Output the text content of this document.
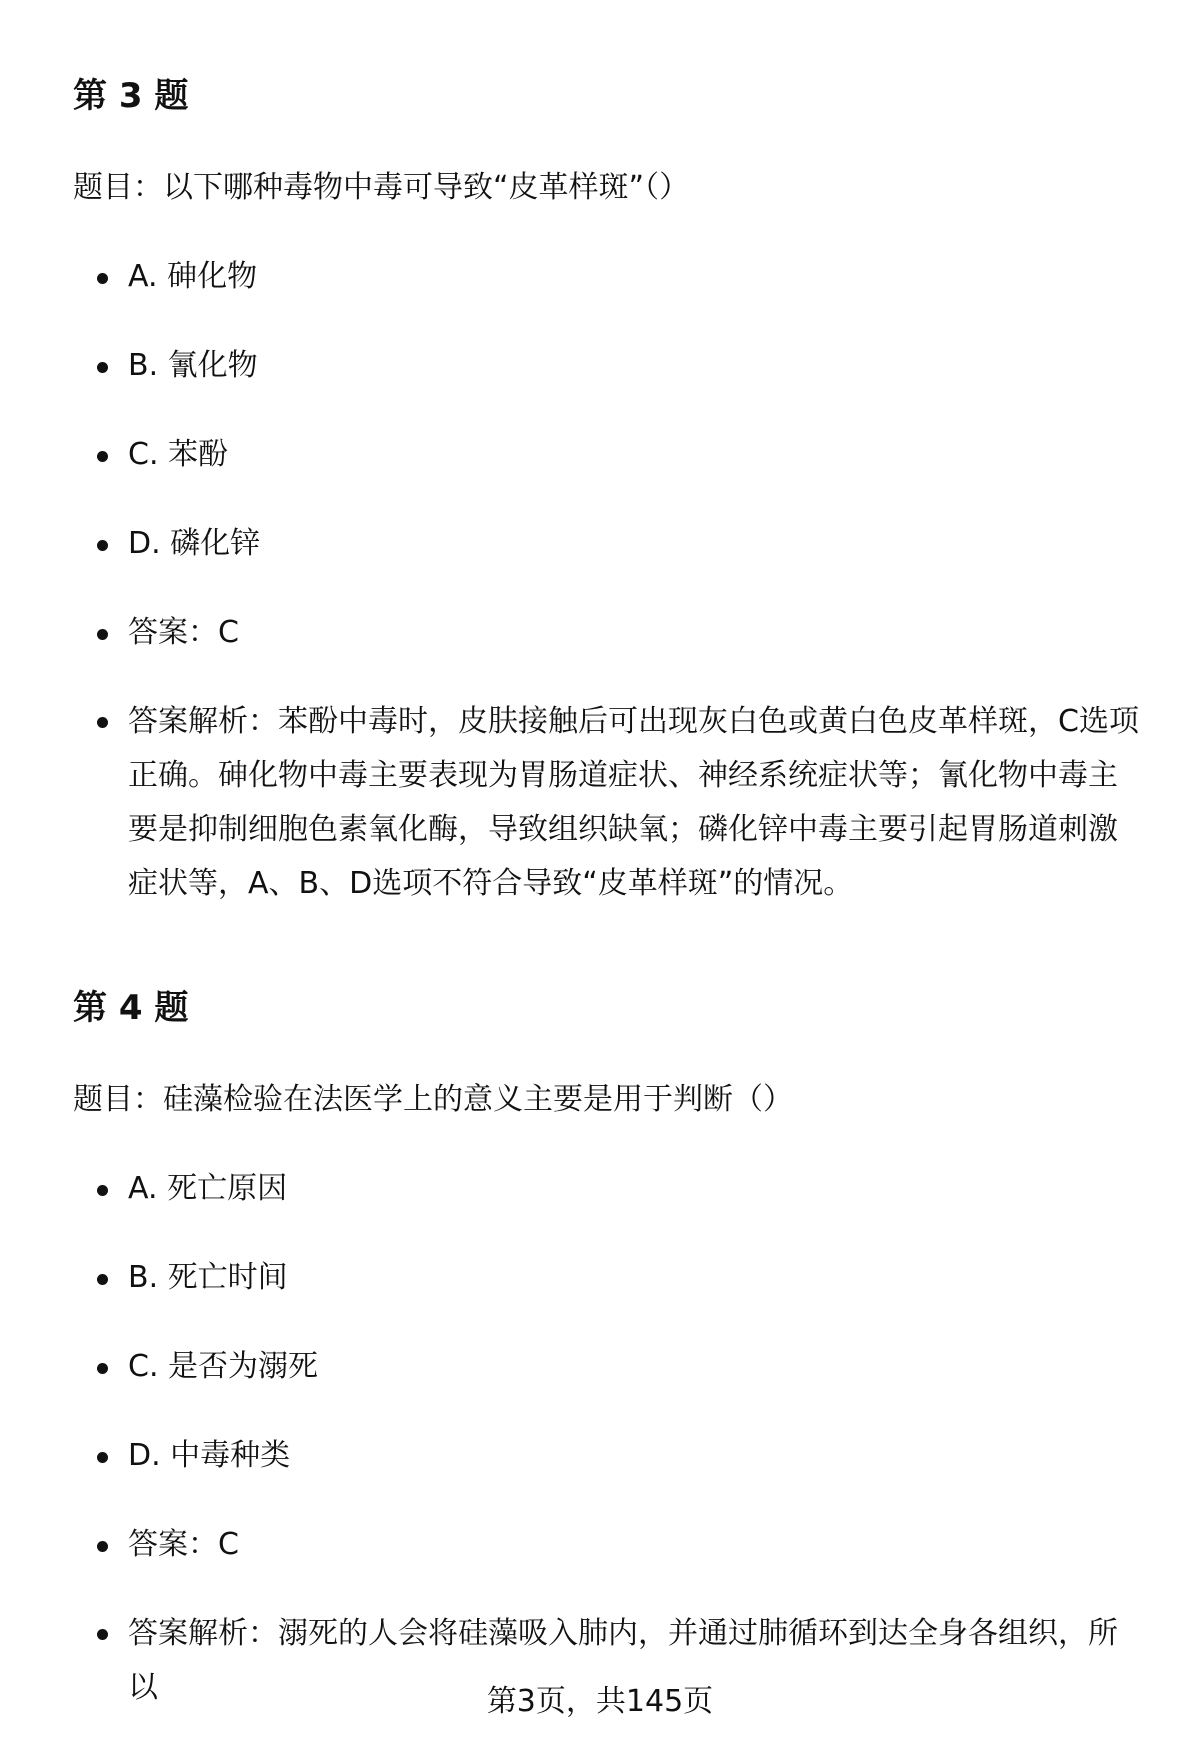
第 3 题
题目：以下哪种毒物中毒可导致“皮革样斑”（）
A. 砷化物
B. 氰化物
C. 苯酚
D. 磷化锌
答案：C
答案解析：苯酚中毒时，皮肤接触后可出现灰白色或黄白色皮革样斑，C选项正确。砷化物中毒主要表现为胃肠道症状、神经系统症状等；氰化物中毒主要是抑制细胞色素氧化酶，导致组织缺氧；磷化锌中毒主要引起胃肠道刺激症状等，A、B、D选项不符合导致“皮革样斑”的情况。
第 4 题
题目：硅藻检验在法医学上的意义主要是用于判断（）
A. 死亡原因
B. 死亡时间
C. 是否为溺死
D. 中毒种类
答案：C
答案解析：溺死的人会将硅藻吸入肺内，并通过肺循环到达全身各组织，所以	第3页，共145页
